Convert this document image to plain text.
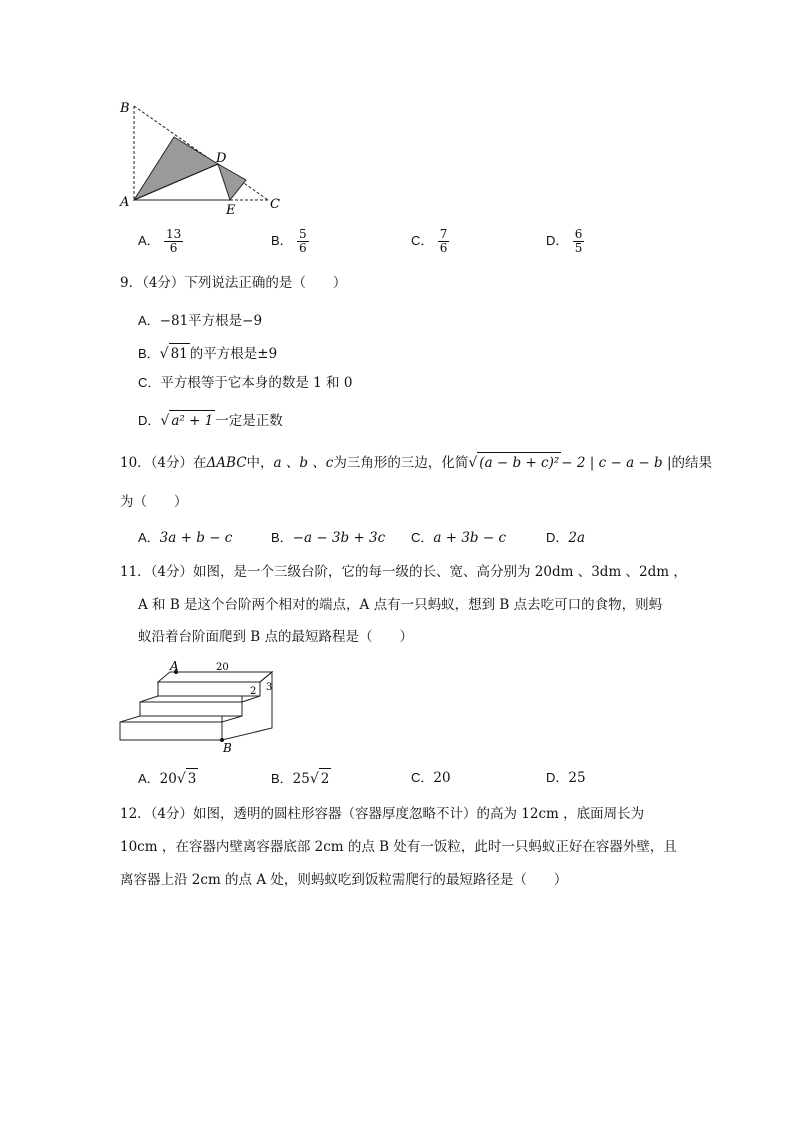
B
A
D
E	C
A． $\frac{13}{6}$	B． $\frac{5}{6}$	C． $\frac{7}{6}$	D． $\frac{6}{5}$
9．（4分）下列说法正确的是（　　）
A．−81平方根是−9
B．√ 81 的平方根是±9
C．平方根等于它本身的数是 1 和 0
D．√ a² + 1 一定是正数
10．（4分）在ΔABC中，a 、b 、c为三角形的三边，化简√ (a − b + c)² − 2 | c − a − b |的结果
为（　　）
A．3a + b − c	B．−a − 3b + 3c C．a + 3b − c	D．2a
11．（4分）如图，是一个三级台阶，它的每一级的长、宽、高分别为 20dm 、3dm 、2dm ，
A 和 B 是这个台阶两个相对的端点，A 点有一只蚂蚁，想到 B 点去吃可口的食物，则蚂
蚁沿着台阶面爬到 B 点的最短路程是（　　）
A	20
2 3
B
A．20√ 3	B．25√ 2	C．20	D．25
12．（4分）如图，透明的圆柱形容器（容器厚度忽略不计）的高为 12cm ，底面周长为
10cm ，在容器内壁离容器底部 2cm 的点 B 处有一饭粒，此时一只蚂蚁正好在容器外壁，且
离容器上沿 2cm 的点 A 处，则蚂蚁吃到饭粒需爬行的最短路径是（　　）
